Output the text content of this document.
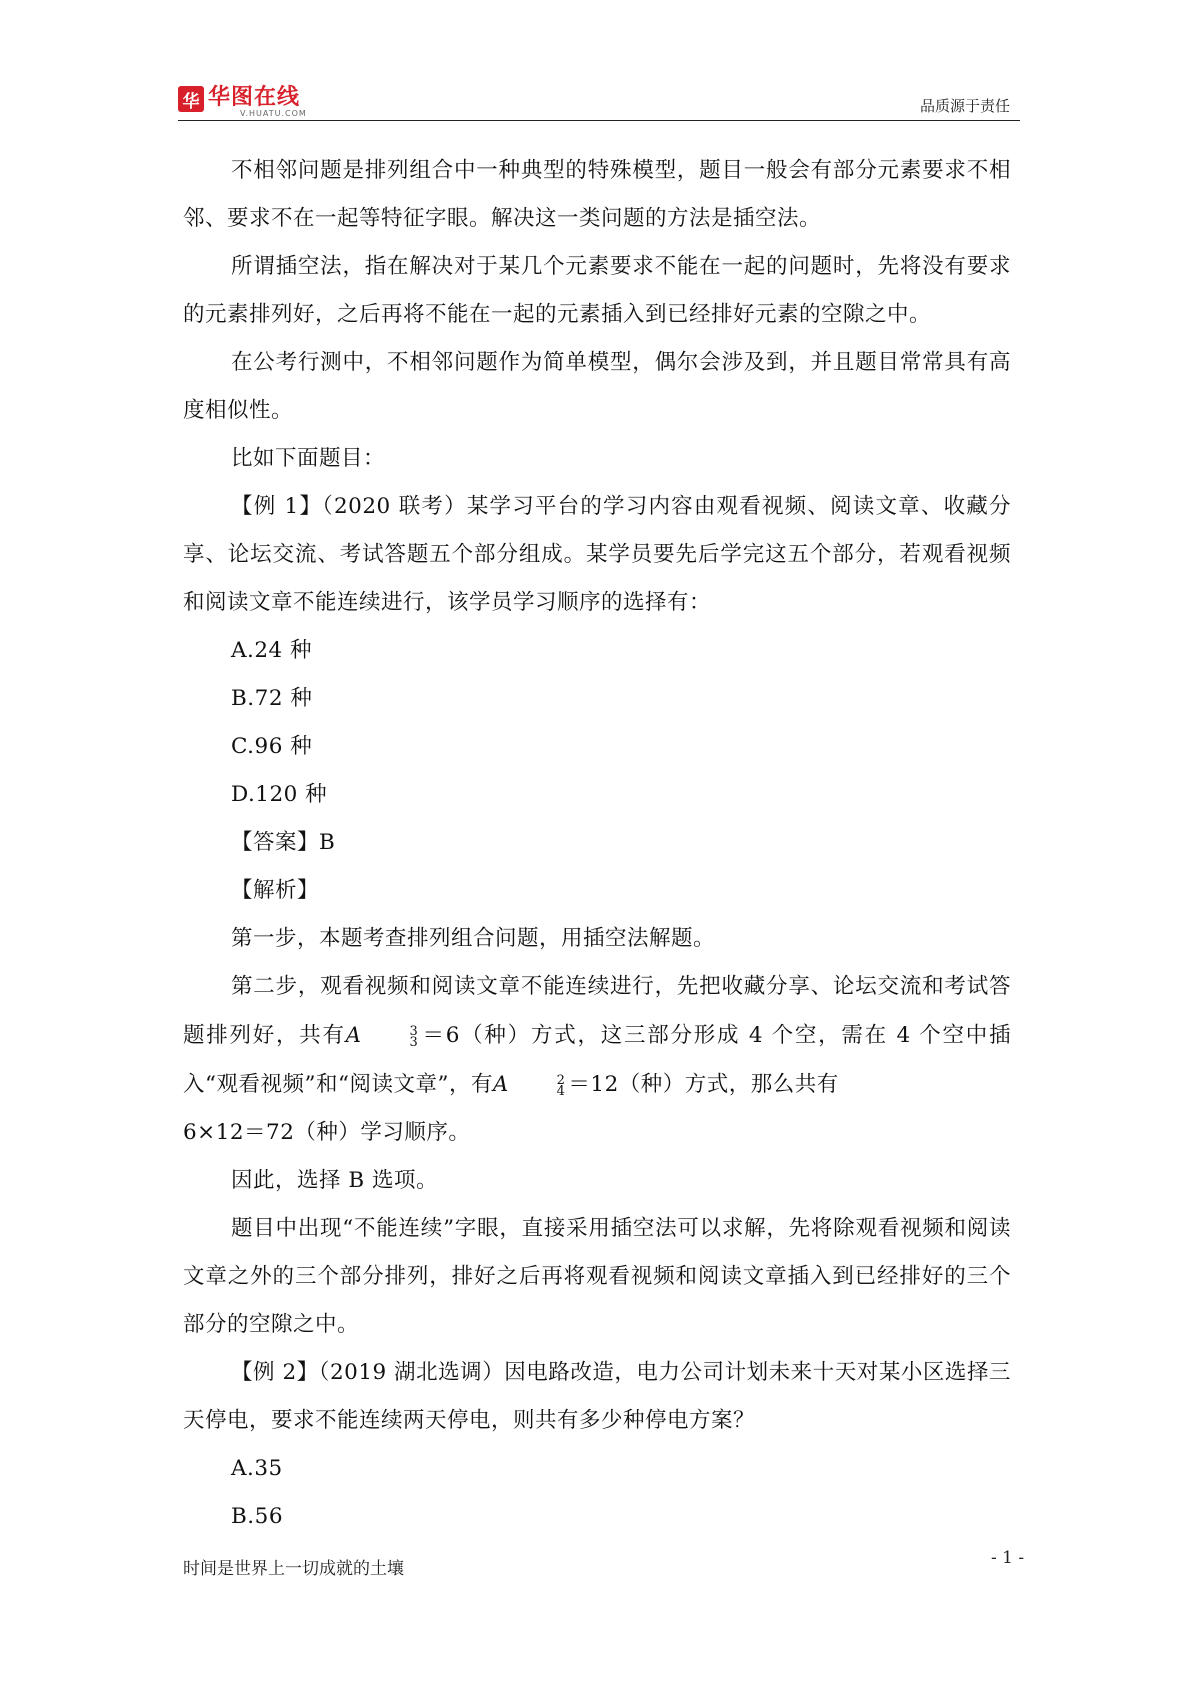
华 华图在线
V.HUATU.COM	品质源于责任

不相邻问题是排列组合中一种典型的特殊模型，题目一般会有部分元素要求不相邻、要求不在一起等特征字眼。解决这一类问题的方法是插空法。

所谓插空法，指在解决对于某几个元素要求不能在一起的问题时，先将没有要求的元素排列好，之后再将不能在一起的元素插入到已经排好元素的空隙之中。

在公考行测中，不相邻问题作为简单模型，偶尔会涉及到，并且题目常常具有高度相似性。

比如下面题目：

【例 1】（2020 联考）某学习平台的学习内容由观看视频、阅读文章、收藏分享、论坛交流、考试答题五个部分组成。某学员要先后学完这五个部分，若观看视频和阅读文章不能连续进行，该学员学习顺序的选择有：

A.24 种

B.72 种

C.96 种

D.120 种

【答案】B

【解析】

第一步，本题考查排列组合问题，用插空法解题。

第二步，观看视频和阅读文章不能连续进行，先把收藏分享、论坛交流和考试答题排列好，共有A	3
3 ＝6（种）方式，这三部分形成 4 个空，需在 4 个空中插入“观看视频”和“阅读文章”，有A	2
4 ＝12（种）方式，那么共有

6×12＝72（种）学习顺序。

因此，选择 B 选项。

题目中出现“不能连续”字眼，直接采用插空法可以求解，先将除观看视频和阅读文章之外的三个部分排列，排好之后再将观看视频和阅读文章插入到已经排好的三个部分的空隙之中。

【例 2】（2019 湖北选调）因电路改造，电力公司计划未来十天对某小区选择三天停电，要求不能连续两天停电，则共有多少种停电方案？

A.35

B.56

时间是世界上一切成就的土壤
- 1 -
